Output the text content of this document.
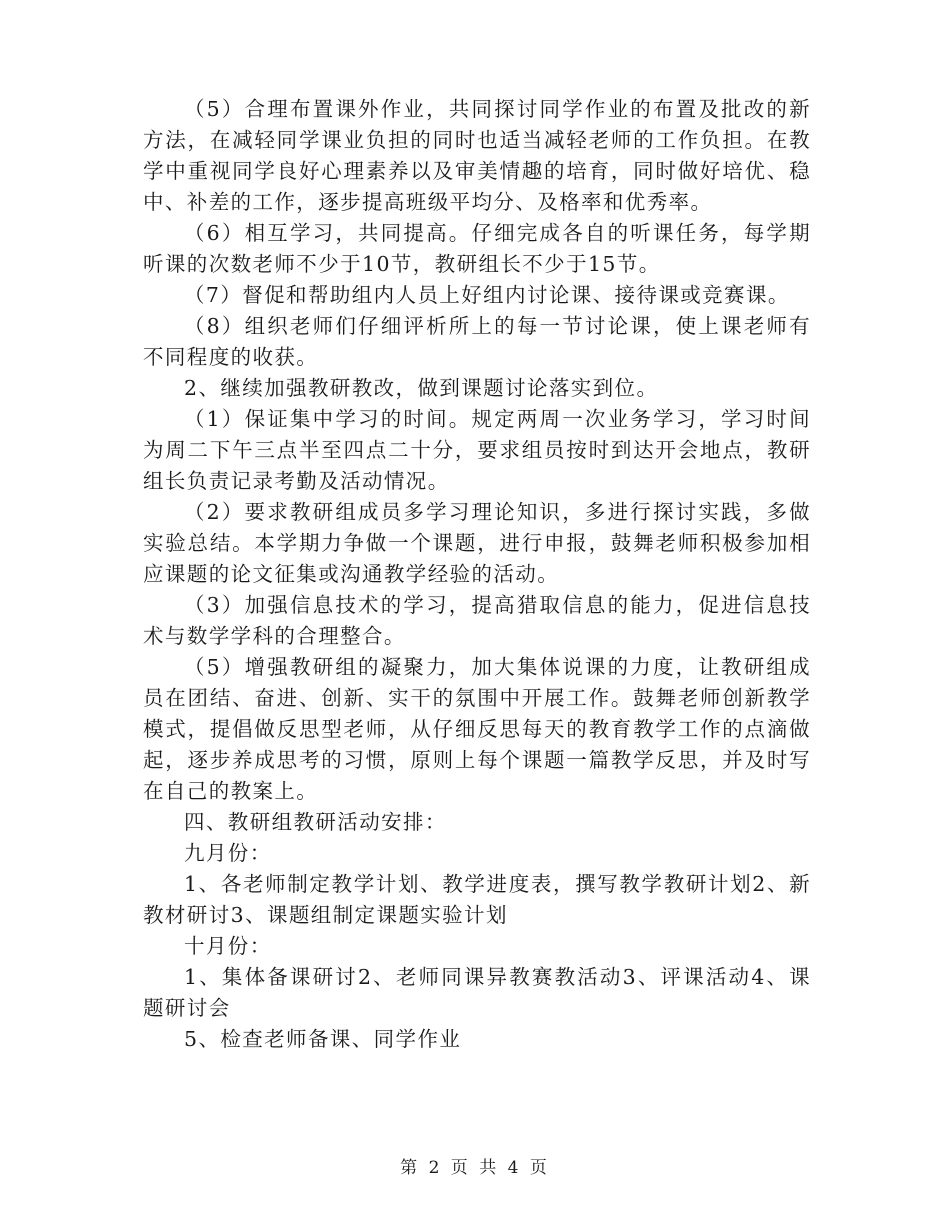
（5）合理布置课外作业，共同探讨同学作业的布置及批改的新方法，在减轻同学课业负担的同时也适当减轻老师的工作负担。在教学中重视同学良好心理素养以及审美情趣的培育，同时做好培优、稳中、补差的工作，逐步提高班级平均分、及格率和优秀率。

（6）相互学习，共同提高。仔细完成各自的听课任务，每学期听课的次数老师不少于10节，教研组长不少于15节。

（7）督促和帮助组内人员上好组内讨论课、接待课或竞赛课。

（8）组织老师们仔细评析所上的每一节讨论课，使上课老师有不同程度的收获。

2、继续加强教研教改，做到课题讨论落实到位。

（1）保证集中学习的时间。规定两周一次业务学习，学习时间为周二下午三点半至四点二十分，要求组员按时到达开会地点，教研组长负责记录考勤及活动情况。

（2）要求教研组成员多学习理论知识，多进行探讨实践，多做实验总结。本学期力争做一个课题，进行申报，鼓舞老师积极参加相应课题的论文征集或沟通教学经验的活动。

（3）加强信息技术的学习，提高猎取信息的能力，促进信息技术与数学学科的合理整合。

（5）增强教研组的凝聚力，加大集体说课的力度，让教研组成员在团结、奋进、创新、实干的氛围中开展工作。鼓舞老师创新教学模式，提倡做反思型老师，从仔细反思每天的教育教学工作的点滴做起，逐步养成思考的习惯，原则上每个课题一篇教学反思，并及时写在自己的教案上。

四、教研组教研活动安排：

九月份：

1、各老师制定教学计划、教学进度表，撰写教学教研计划2、新教材研讨3、课题组制定课题实验计划

十月份：

1、集体备课研讨2、老师同课异教赛教活动3、评课活动4、课题研讨会

5、检查老师备课、同学作业

第 2 页 共 4 页
